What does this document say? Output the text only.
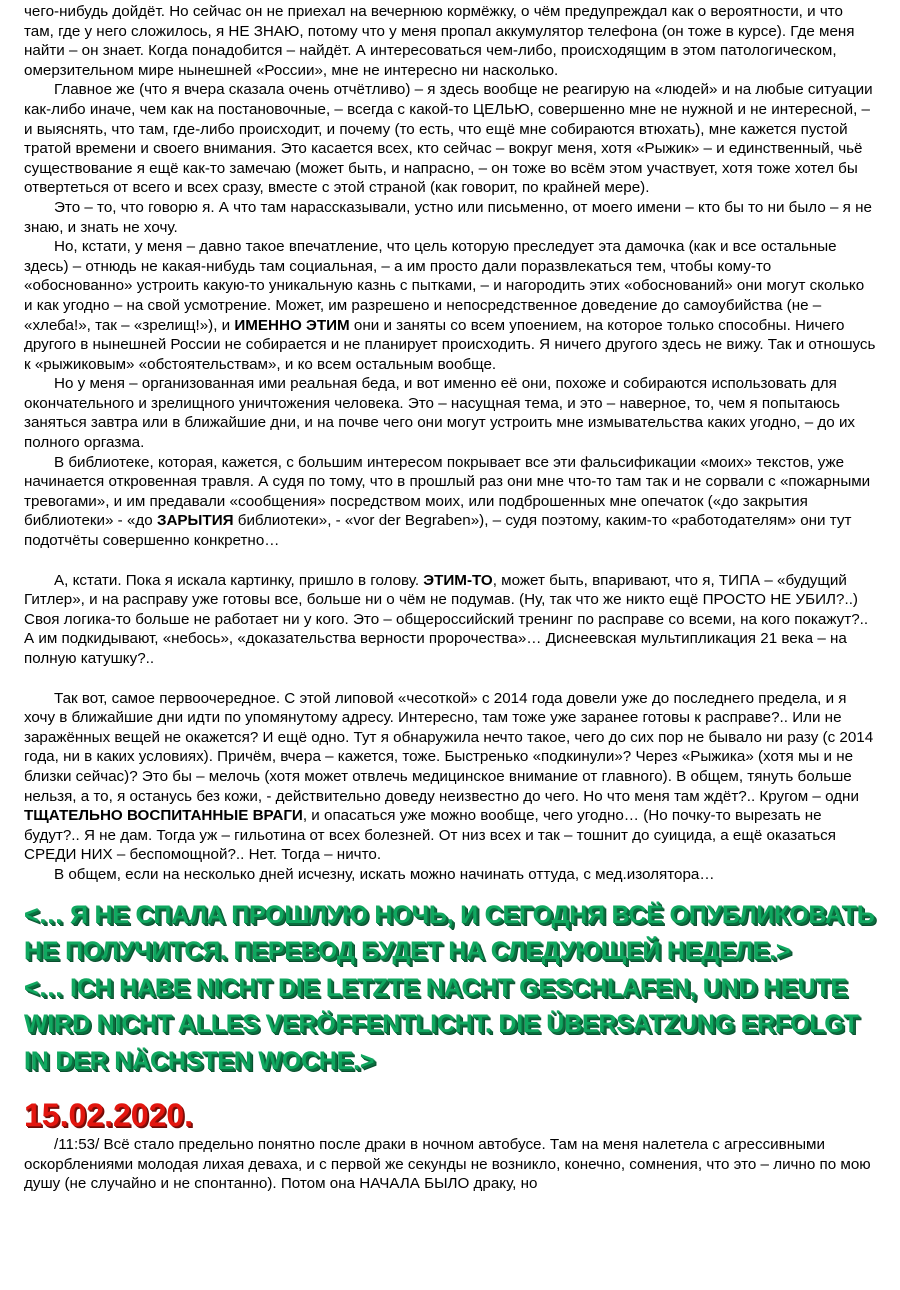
чего-нибудь дойдёт. Но сейчас он не приехал на вечернюю кормёжку, о чём предупреждал как о вероятности, и что там, где у него сложилось, я НЕ ЗНАЮ, потому что у меня пропал аккумулятор телефона (он тоже в курсе). Где меня найти – он знает. Когда понадобится – найдёт. А интересоваться чем-либо, происходящим в этом патологическом, омерзительном мире нынешней «России», мне не интересно ни насколько.

Главное же (что я вчера сказала очень отчётливо) – я здесь вообще не реагирую на «людей» и на любые ситуации как-либо иначе, чем как на постановочные, – всегда с какой-то ЦЕЛЬЮ, совершенно мне не нужной и не интересной, – и выяснять, что там, где-либо происходит, и почему (то есть, что ещё мне собираются втюхать), мне кажется пустой тратой времени и своего внимания. Это касается всех, кто сейчас – вокруг меня, хотя «Рыжик» – и единственный, чьё существование я ещё как-то замечаю (может быть, и напрасно, – он тоже во всём этом участвует, хотя тоже хотел бы отвертеться от всего и всех сразу, вместе с этой страной (как говорит, по крайней мере).

Это – то, что говорю я. А что там нарассказывали, устно или письменно, от моего имени – кто бы то ни было – я не знаю, и знать не хочу.

Но, кстати, у меня – давно такое впечатление, что цель которую преследует эта дамочка (как и все остальные здесь) – отнюдь не какая-нибудь там социальная, – а им просто дали поразвлекаться тем, чтобы кому-то «обоснованно» устроить какую-то уникальную казнь с пытками, – и нагородить этих «обоснований» они могут сколько и как угодно – на свой усмотрение. Может, им разрешено и непосредственное доведение до самоубийства (не – «хлеба!», так – «зрелищ!»), и ИМЕННО ЭТИМ они и заняты со всем упоением, на которое только способны. Ничего другого в нынешней России не собирается и не планирует происходить. Я ничего другого здесь не вижу. Так и отношусь к «рыжиковым» «обстоятельствам», и ко всем остальным вообще.

Но у меня – организованная ими реальная беда, и вот именно её они, похоже и собираются использовать для окончательного и зрелищного уничтожения человека. Это – насущная тема, и это – наверное, то, чем я попытаюсь заняться завтра или в ближайшие дни, и на почве чего они могут устроить мне измывательства каких угодно, – до их полного оргазма.

В библиотеке, которая, кажется, с большим интересом покрывает все эти фальсификации «моих» текстов, уже начинается откровенная травля. А судя по тому, что в прошлый раз они мне что-то там так и не сорвали с «пожарными тревогами», и им предавали «сообщения» посредством моих, или подброшенных мне опечаток («до закрытия библиотеки» - «до ЗАРЫТИЯ библиотеки», - «vor der Begraben»), – судя поэтому, каким-то «работодателям» они тут подотчёты совершенно конкретно…

А, кстати. Пока я искала картинку, пришло в голову. ЭТИМ-ТО, может быть, впаривают, что я, ТИПА – «будущий Гитлер», и на расправу уже готовы все, больше ни о чём не подумав. (Ну, так что же никто ещё ПРОСТО НЕ УБИЛ?..) Своя логика-то больше не работает ни у кого. Это – общероссийский тренинг по расправе со всеми, на кого покажут?.. А им подкидывают, «небось», «доказательства верности пророчества»… Диснеевская мультипликация 21 века – на полную катушку?..

Так вот, самое первоочередное. С этой липовой «чесоткой» с 2014 года довели уже до последнего предела, и я хочу в ближайшие дни идти по упомянутому адресу. Интересно, там тоже уже заранее готовы к расправе?.. Или не заражённых вещей не окажется? И ещё одно. Тут я обнаружила нечто такое, чего до сих пор не бывало ни разу (с 2014 года, ни в каких условиях). Причём, вчера – кажется, тоже. Быстренько «подкинули»? Через «Рыжика» (хотя мы и не близки сейчас)? Это бы – мелочь (хотя может отвлечь медицинское внимание от главного). В общем, тянуть больше нельзя, а то, я останусь без кожи, - действительно доведу неизвестно до чего. Но что меня там ждёт?.. Кругом – одни ТЩАТЕЛЬНО ВОСПИТАННЫЕ ВРАГИ, и опасаться уже можно вообще, чего угодно… (Но почку-то вырезать не будут?.. Я не дам. Тогда уж – гильотина от всех болезней. От низ всех и так – тошнит до суицида, а ещё оказаться СРЕДИ НИХ – беспомощной?.. Нет. Тогда – ничто.

В общем, если на несколько дней исчезну, искать можно начинать оттуда, с мед.изолятора…

<… Я НЕ СПАЛА ПРОШЛУЮ НОЧЬ, И СЕГОДНЯ ВСЁ ОПУБЛИКОВАТЬ НЕ ПОЛУЧИТСЯ. ПЕРЕВОД БУДЕТ НА СЛЕДУЮЩЕЙ НЕДЕЛЕ.>
<… ICH HABE NICHT DIE LETZTE NACHT GESCHLAFEN, UND HEUTE WIRD NICHT ALLES VERÖFFENTLICHT. DIE ÜBERSATZUNG ERFOLGT IN DER NÄCHSTEN WOCHE.>
15.02.2020.

/11:53/ Всё стало предельно понятно после драки в ночном автобусе. Там на меня налетела с агрессивными оскорблениями молодая лихая деваха, и с первой же секунды не возникло, конечно, сомнения, что это – лично по мою душу (не случайно и не спонтанно). Потом она НАЧАЛА БЫЛО драку, но
